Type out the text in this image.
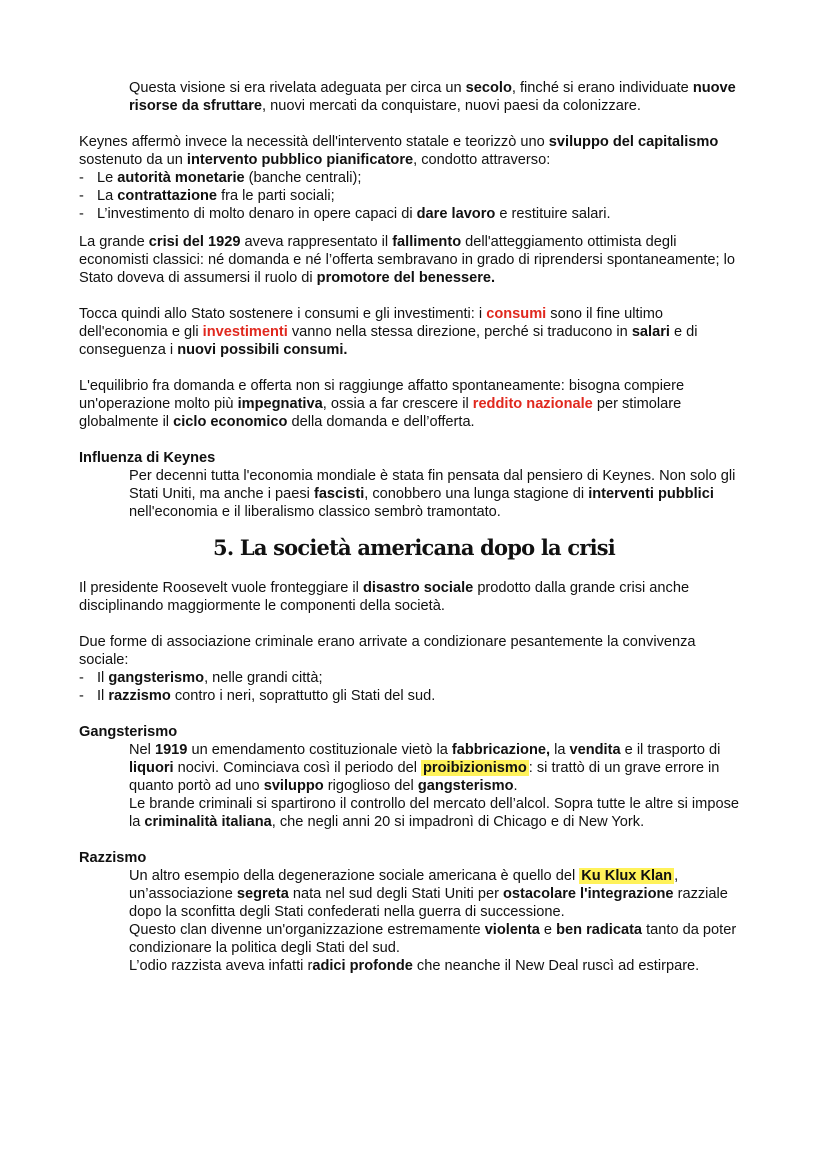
Questa visione si era rivelata adeguata per circa un secolo, finché si erano individuate nuove risorse da sfruttare, nuovi mercati da conquistare, nuovi paesi da colonizzare.

Keynes affermò invece la necessità dell'intervento statale e teorizzò uno sviluppo del capitalismo sostenuto da un intervento pubblico pianificatore, condotto attraverso:

- Le autorità monetarie (banche centrali);

- La contrattazione fra le parti sociali;

- L’investimento di molto denaro in opere capaci di dare lavoro e restituire salari.

La grande crisi del 1929 aveva rappresentato il fallimento dell'atteggiamento ottimista degli economisti classici: né domanda e né l’offerta sembravano in grado di riprendersi spontaneamente; lo Stato doveva di assumersi il ruolo di promotore del benessere.

Tocca quindi allo Stato sostenere i consumi e gli investimenti: i consumi sono il fine ultimo dell'economia e gli investimenti vanno nella stessa direzione, perché si traducono in salari e di conseguenza i nuovi possibili consumi.

L'equilibrio fra domanda e offerta non si raggiunge affatto spontaneamente: bisogna compiere un'operazione molto più impegnativa, ossia a far crescere il reddito nazionale per stimolare globalmente il ciclo economico della domanda e dell’offerta.

Influenza di Keynes

Per decenni tutta l'economia mondiale è stata fin pensata dal pensiero di Keynes. Non solo gli Stati Uniti, ma anche i paesi fascisti, conobbero una lunga stagione di interventi pubblici nell'economia e il liberalismo classico sembrò tramontato.

5. La società americana dopo la crisi

Il presidente Roosevelt vuole fronteggiare il disastro sociale prodotto dalla grande crisi anche disciplinando maggiormente le componenti della società.

Due forme di associazione criminale erano arrivate a condizionare pesantemente la convivenza sociale:

- Il gangsterismo, nelle grandi città;

- Il razzismo contro i neri, soprattutto gli Stati del sud.

Gangsterismo

Nel 1919 un emendamento costituzionale vietò la fabbricazione, la vendita e il trasporto di liquori nocivi. Cominciava così il periodo del proibizionismo : si trattò di un grave errore in quanto portò ad uno sviluppo rigoglioso del gangsterismo.

Le brande criminali si spartirono il controllo del mercato dell’alcol. Sopra tutte le altre si impose la criminalità italiana, che negli anni 20 si impadronì di Chicago e di New York.

Razzismo

Un altro esempio della degenerazione sociale americana è quello del Ku Klux Klan , un’associazione segreta nata nel sud degli Stati Uniti per ostacolare l'integrazione razziale dopo la sconfitta degli Stati confederati nella guerra di successione.

Questo clan divenne un'organizzazione estremamente violenta e ben radicata tanto da poter condizionare la politica degli Stati del sud.

L’odio razzista aveva infatti radici profonde che neanche il New Deal ruscì ad estirpare.
